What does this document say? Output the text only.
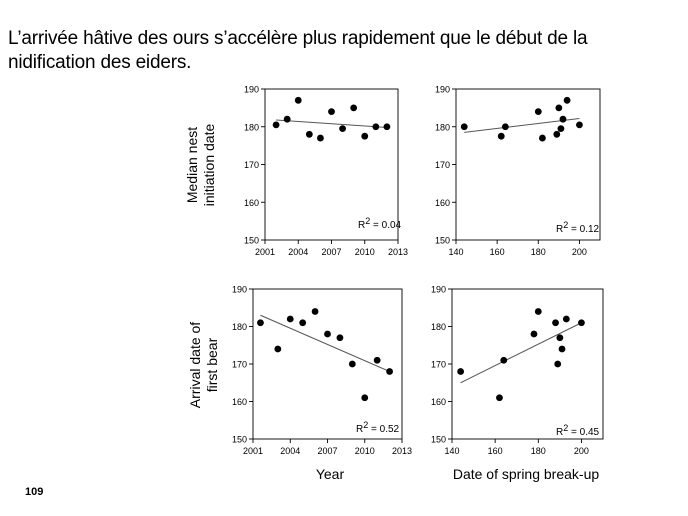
L’arrivée hâtive des ours s’accélère plus rapidement que le début de la nidification des eiders.
150
160
170
180
190
2001 2004 2007 2010 2013
R2 = 0.04
150
160
170
180
190
140	160	180	200
R2 = 0.12
150
160
170
180
190
2001 2004 2007 2010 2013
R2 = 0.52
150
160
170
180
190
140	160	180	200
R2 = 0.45
Median nest initiation date
Arrival date of first bear
Year	Date of spring break-up
109
